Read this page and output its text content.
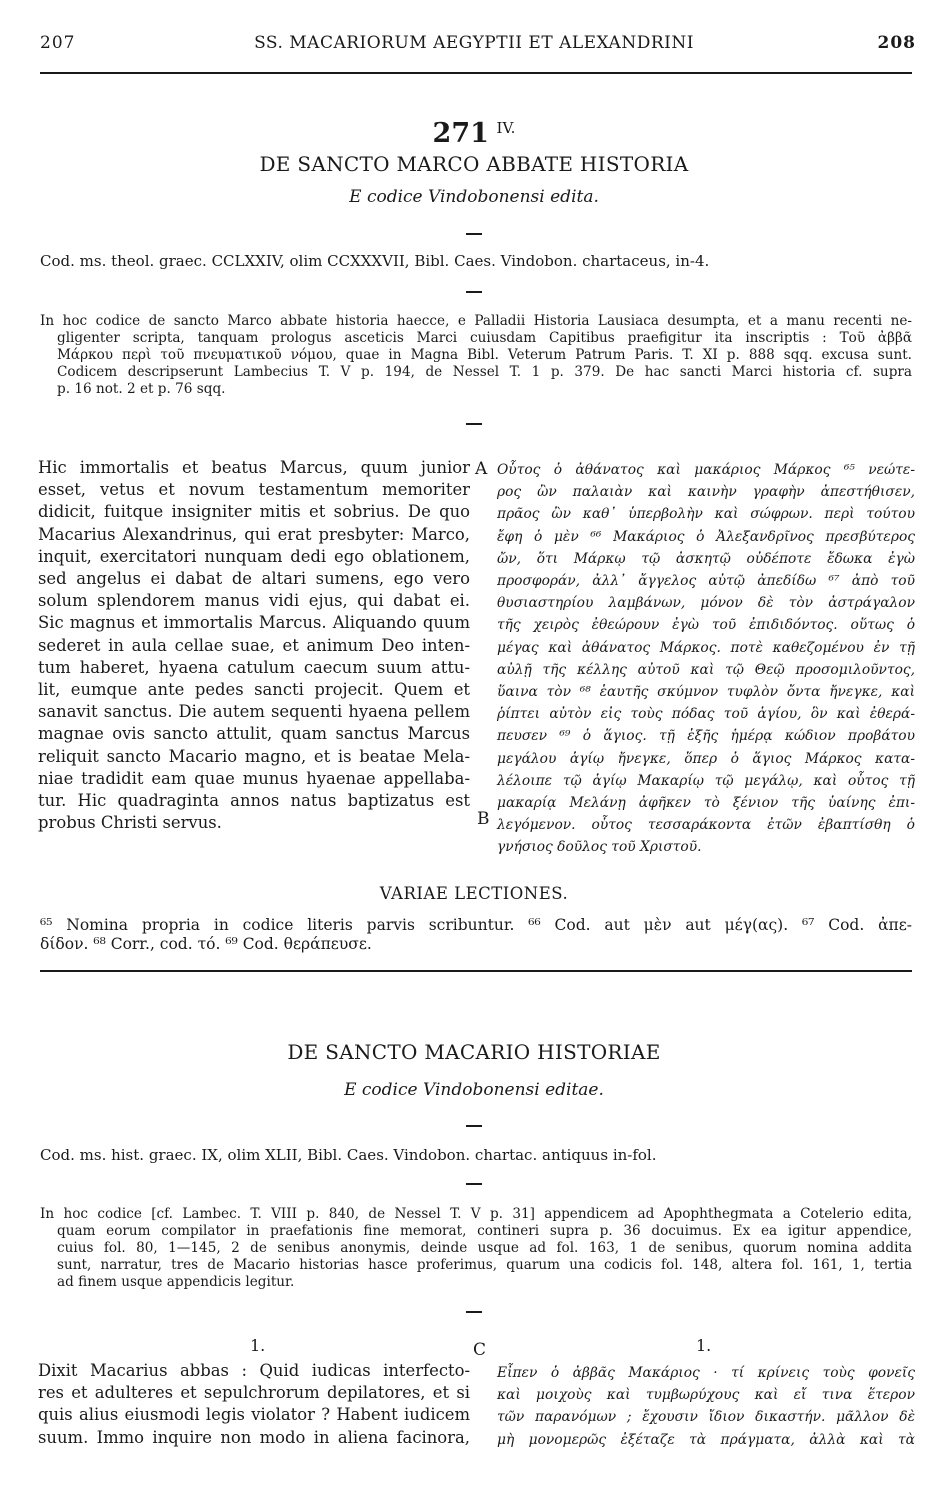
207	SS. MACARIORUM AEGYPTII ET ALEXANDRINI	208
271 $^{IV.}$
DE SANCTO MARCO ABBATE HISTORIA
E codice Vindobonensi edita.
Cod. ms. theol. graec. CCLXXIV, olim CCXXXVII, Bibl. Caes. Vindobon. chartaceus, in-4.
In hoc codice de sancto Marco abbate historia haecce, e Palladii Historia Lausiaca desumpta, et a manu recenti ne-
gligenter scripta, tanquam prologus asceticis Marci cuiusdam Capitibus praefigitur ita inscriptis : Τοῦ ἀββᾶ
Μάρκου περὶ τοῦ πνευματικοῦ νόμου, quae in Magna Bibl. Veterum Patrum Paris. T. XI p. 888 sqq. excusa sunt.
Codicem descripserunt Lambecius T. V p. 194, de Nessel T. 1 p. 379. De hac sancti Marci historia cf. supra
p. 16 not. 2 et p. 76 sqq.
Hic immortalis et beatus Marcus, quum junior
esset, vetus et novum testamentum memoriter
didicit, fuitque insigniter mitis et sobrius. De quo
Macarius Alexandrinus, qui erat presbyter: Marco,
inquit, exercitatori nunquam dedi ego oblationem,
sed angelus ei dabat de altari sumens, ego vero
solum splendorem manus vidi ejus, qui dabat ei.
Sic magnus et immortalis Marcus. Aliquando quum
sederet in aula cellae suae, et animum Deo inten-
tum haberet, hyaena catulum caecum suum attu-
lit, eumque ante pedes sancti projecit. Quem et
sanavit sanctus. Die autem sequenti hyaena pellem
magnae ovis sancto attulit, quam sanctus Marcus
reliquit sancto Macario magno, et is beatae Mela-
niae tradidit eam quae munus hyaenae appellaba-
tur. Hic quadraginta annos natus baptizatus est
probus Christi servus.
A
B
Οὗτος ὁ ἀθάνατος καὶ μακάριος Μάρκος ⁶⁵ νεώτε-
ρος ὢν παλαιὰν καὶ καινὴν γραφὴν ἀπεστήθισεν,
πρᾶος ὢν καθ᾽ ὑπερβολὴν καὶ σώφρων. περὶ τούτου
ἔφη ὁ μὲν ⁶⁶ Μακάριος ὁ Ἀλεξανδρῖνος πρεσβύτερος
ὤν, ὅτι Μάρκῳ τῷ ἀσκητῷ οὐδέποτε ἔδωκα ἐγὼ
προσφοράν, ἀλλ᾽ ἄγγελος αὐτῷ ἀπεδίδω ⁶⁷ ἀπὸ τοῦ
θυσιαστηρίου λαμβάνων, μόνον δὲ τὸν ἀστράγαλον
τῆς χειρὸς ἐθεώρουν ἐγὼ τοῦ ἐπιδιδόντος. οὕτως ὁ
μέγας καὶ ἀθάνατος Μάρκος. ποτὲ καθεζομένου ἐν τῇ
αὐλῇ τῆς κέλλης αὐτοῦ καὶ τῷ Θεῷ προσομιλοῦντος,
ὕαινα τὸν ⁶⁸ ἑαυτῆς σκύμνον τυφλὸν ὄντα ἤνεγκε, καὶ
ῥίπτει αὐτὸν εἰς τοὺς πόδας τοῦ ἁγίου, ὃν καὶ ἐθερά-
πευσεν ⁶⁹ ὁ ἅγιος. τῇ ἑξῆς ἡμέρᾳ κώδιον προβάτου
μεγάλου ἁγίῳ ἤνεγκε, ὅπερ ὁ ἅγιος Μάρκος κατα-
λέλοιπε τῷ ἁγίῳ Μακαρίῳ τῷ μεγάλῳ, καὶ οὗτος τῇ
μακαρίᾳ Μελάνῃ ἀφῆκεν τὸ ξένιον τῆς ὑαίνης ἐπι-
λεγόμενον. οὗτος τεσσαράκοντα ἐτῶν ἐβαπτίσθη ὁ
γνήσιος δοῦλος τοῦ Χριστοῦ.
VARIAE LECTIONES.
⁶⁵ Nomina propria in codice literis parvis scribuntur. ⁶⁶ Cod. aut μὲν aut μέγ(ας). ⁶⁷ Cod. ἀπε-
δίδον. ⁶⁸ Corr., cod. τό. ⁶⁹ Cod. θεράπευσε.
DE SANCTO MACARIO HISTORIAE
E codice Vindobonensi editae.
Cod. ms. hist. graec. IX, olim XLII, Bibl. Caes. Vindobon. chartac. antiquus in-fol.
In hoc codice [cf. Lambec. T. VIII p. 840, de Nessel T. V p. 31] appendicem ad Apophthegmata a Cotelerio edita,
quam eorum compilator in praefationis fine memorat, contineri supra p. 36 docuimus. Ex ea igitur appendice,
cuius fol. 80, 1—145, 2 de senibus anonymis, deinde usque ad fol. 163, 1 de senibus, quorum nomina addita
sunt, narratur, tres de Macario historias hasce proferimus, quarum una codicis fol. 148, altera fol. 161, 1, tertia
ad finem usque appendicis legitur.
1.	C	1.
Dixit Macarius abbas : Quid iudicas interfecto-
res et adulteres et sepulchrorum depilatores, et si
quis alius eiusmodi legis violator ? Habent iudicem
suum. Immo inquire non modo in aliena facinora,
Εἶπεν ὁ ἀββᾶς Μακάριος · τί κρίνεις τοὺς φονεῖς
καὶ μοιχοὺς καὶ τυμβωρύχους καὶ εἴ τινα ἕτερον
τῶν παρανόμων ; ἔχουσιν ἴδιον δικαστήν. μᾶλλον δὲ
μὴ μονομερῶς ἐξέταζε τὰ πράγματα, ἀλλὰ καὶ τὰ
